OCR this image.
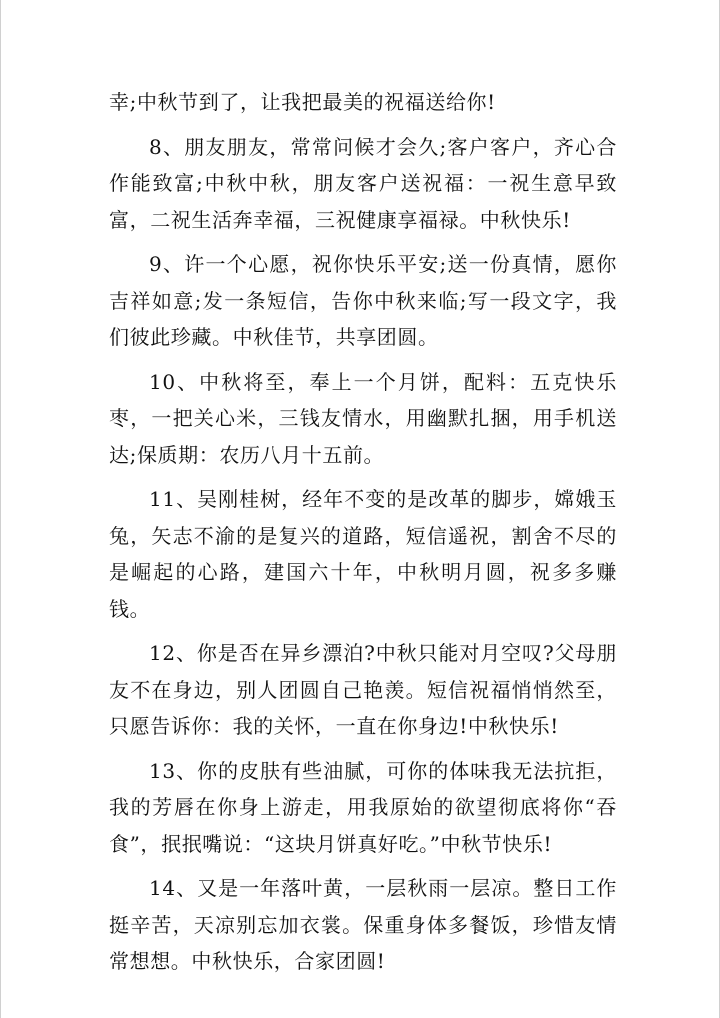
幸;中秋节到了，让我把最美的祝福送给你!

8、朋友朋友，常常问候才会久;客户客户，齐心合作能致富;中秋中秋，朋友客户送祝福：一祝生意早致富，二祝生活奔幸福，三祝健康享福禄。中秋快乐!

9、许一个心愿，祝你快乐平安;送一份真情，愿你吉祥如意;发一条短信，告你中秋来临;写一段文字，我们彼此珍藏。中秋佳节，共享团圆。

10、中秋将至，奉上一个月饼，配料：五克快乐枣，一把关心米，三钱友情水，用幽默扎捆，用手机送达;保质期：农历八月十五前。

11、吴刚桂树，经年不变的是改革的脚步，嫦娥玉兔，矢志不渝的是复兴的道路，短信遥祝，割舍不尽的是崛起的心路，建国六十年，中秋明月圆，祝多多赚钱。

12、你是否在异乡漂泊?中秋只能对月空叹?父母朋友不在身边，别人团圆自己艳羡。短信祝福悄悄然至，只愿告诉你：我的关怀，一直在你身边!中秋快乐!

13、你的皮肤有些油腻，可你的体味我无法抗拒，我的芳唇在你身上游走，用我原始的欲望彻底将你“吞食”，抿抿嘴说：“这块月饼真好吃。”中秋节快乐!

14、又是一年落叶黄，一层秋雨一层凉。整日工作挺辛苦，天凉别忘加衣裳。保重身体多餐饭，珍惜友情常想想。中秋快乐，合家团圆!
